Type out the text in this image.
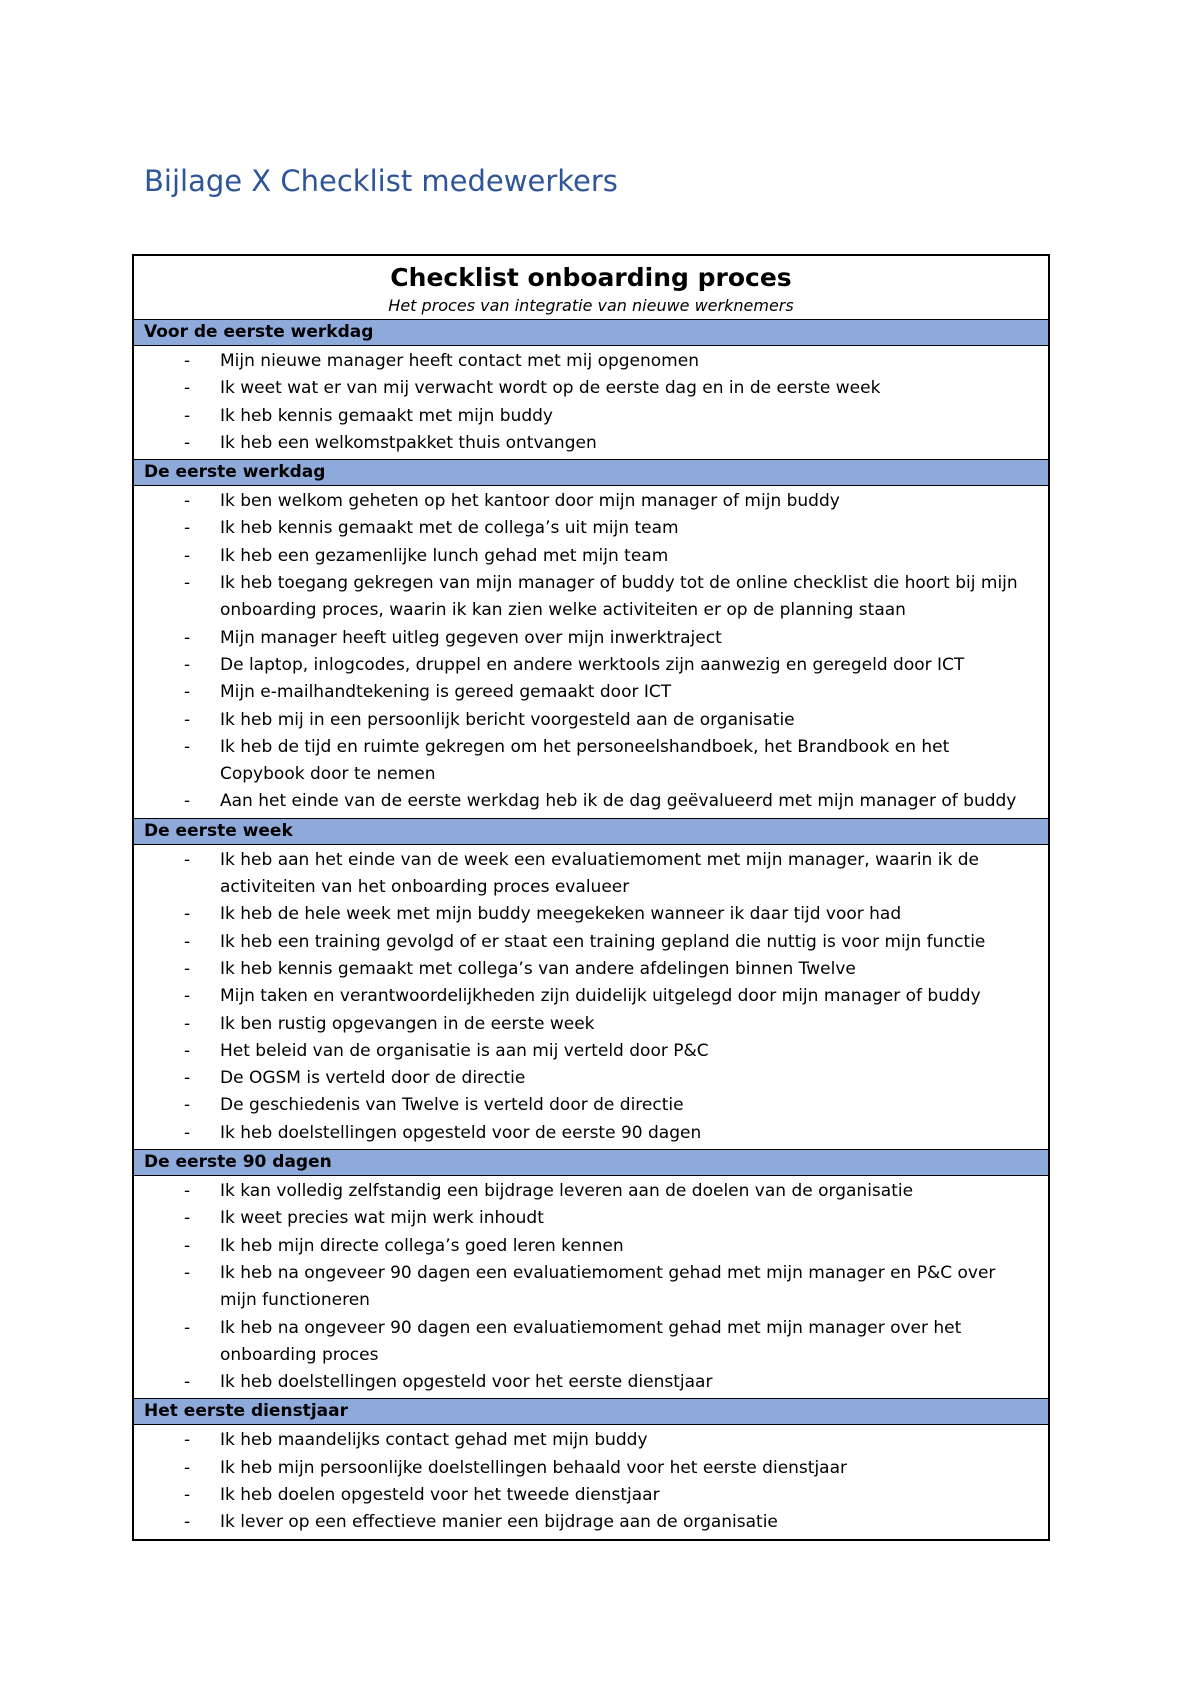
Bijlage X Checklist medewerkers
Checklist onboarding proces
Het proces van integratie van nieuwe werknemers
Voor de eerste werkdag
- Mijn nieuwe manager heeft contact met mij opgenomen
- Ik weet wat er van mij verwacht wordt op de eerste dag en in de eerste week
- Ik heb kennis gemaakt met mijn buddy
- Ik heb een welkomstpakket thuis ontvangen
De eerste werkdag
- Ik ben welkom geheten op het kantoor door mijn manager of mijn buddy
- Ik heb kennis gemaakt met de collega’s uit mijn team
- Ik heb een gezamenlijke lunch gehad met mijn team
- Ik heb toegang gekregen van mijn manager of buddy tot de online checklist die hoort bij mijn onboarding proces, waarin ik kan zien welke activiteiten er op de planning staan
- Mijn manager heeft uitleg gegeven over mijn inwerktraject
- De laptop, inlogcodes, druppel en andere werktools zijn aanwezig en geregeld door ICT
- Mijn e-mailhandtekening is gereed gemaakt door ICT
- Ik heb mij in een persoonlijk bericht voorgesteld aan de organisatie
- Ik heb de tijd en ruimte gekregen om het personeelshandboek, het Brandbook en het Copybook door te nemen
- Aan het einde van de eerste werkdag heb ik de dag geëvalueerd met mijn manager of buddy
De eerste week
- Ik heb aan het einde van de week een evaluatiemoment met mijn manager, waarin ik de activiteiten van het onboarding proces evalueer
- Ik heb de hele week met mijn buddy meegekeken wanneer ik daar tijd voor had
- Ik heb een training gevolgd of er staat een training gepland die nuttig is voor mijn functie
- Ik heb kennis gemaakt met collega’s van andere afdelingen binnen Twelve
- Mijn taken en verantwoordelijkheden zijn duidelijk uitgelegd door mijn manager of buddy
- Ik ben rustig opgevangen in de eerste week
- Het beleid van de organisatie is aan mij verteld door P&C
- De OGSM is verteld door de directie
- De geschiedenis van Twelve is verteld door de directie
- Ik heb doelstellingen opgesteld voor de eerste 90 dagen
De eerste 90 dagen
- Ik kan volledig zelfstandig een bijdrage leveren aan de doelen van de organisatie
- Ik weet precies wat mijn werk inhoudt
- Ik heb mijn directe collega’s goed leren kennen
- Ik heb na ongeveer 90 dagen een evaluatiemoment gehad met mijn manager en P&C over mijn functioneren
- Ik heb na ongeveer 90 dagen een evaluatiemoment gehad met mijn manager over het onboarding proces
- Ik heb doelstellingen opgesteld voor het eerste dienstjaar
Het eerste dienstjaar
- Ik heb maandelijks contact gehad met mijn buddy
- Ik heb mijn persoonlijke doelstellingen behaald voor het eerste dienstjaar
- Ik heb doelen opgesteld voor het tweede dienstjaar
- Ik lever op een effectieve manier een bijdrage aan de organisatie
